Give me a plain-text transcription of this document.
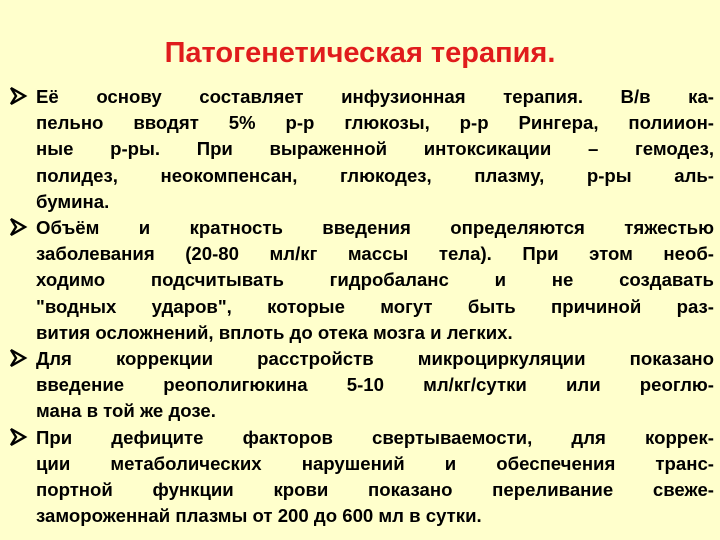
Патогенетическая терапия.
Её основу составляет инфузионная терапия. В/в ка-
пельно вводят 5% р-р глюкозы, р-р Рингера, полиион-
ные р-ры. При выраженной интоксикации – гемодез,
полидез, неокомпенсан, глюкодез, плазму, р-ры аль-
бумина.
Объём и кратность введения определяются тяжестью
заболевания (20-80 мл/кг массы тела). При этом необ-
ходимо подсчитывать гидробаланс и не создавать
"водных ударов", которые могут быть причиной раз-
вития осложнений, вплоть до отека мозга и легких.
Для коррекции расстройств микроциркуляции показано
введение реополигюкина 5-10 мл/кг/сутки или реоглю-
мана в той же дозе.
При дефиците факторов свертываемости, для коррек-
ции метаболических нарушений и обеспечения транс-
портной функции крови показано переливание свеже-
замороженнай плазмы от 200 до 600 мл в сутки.
